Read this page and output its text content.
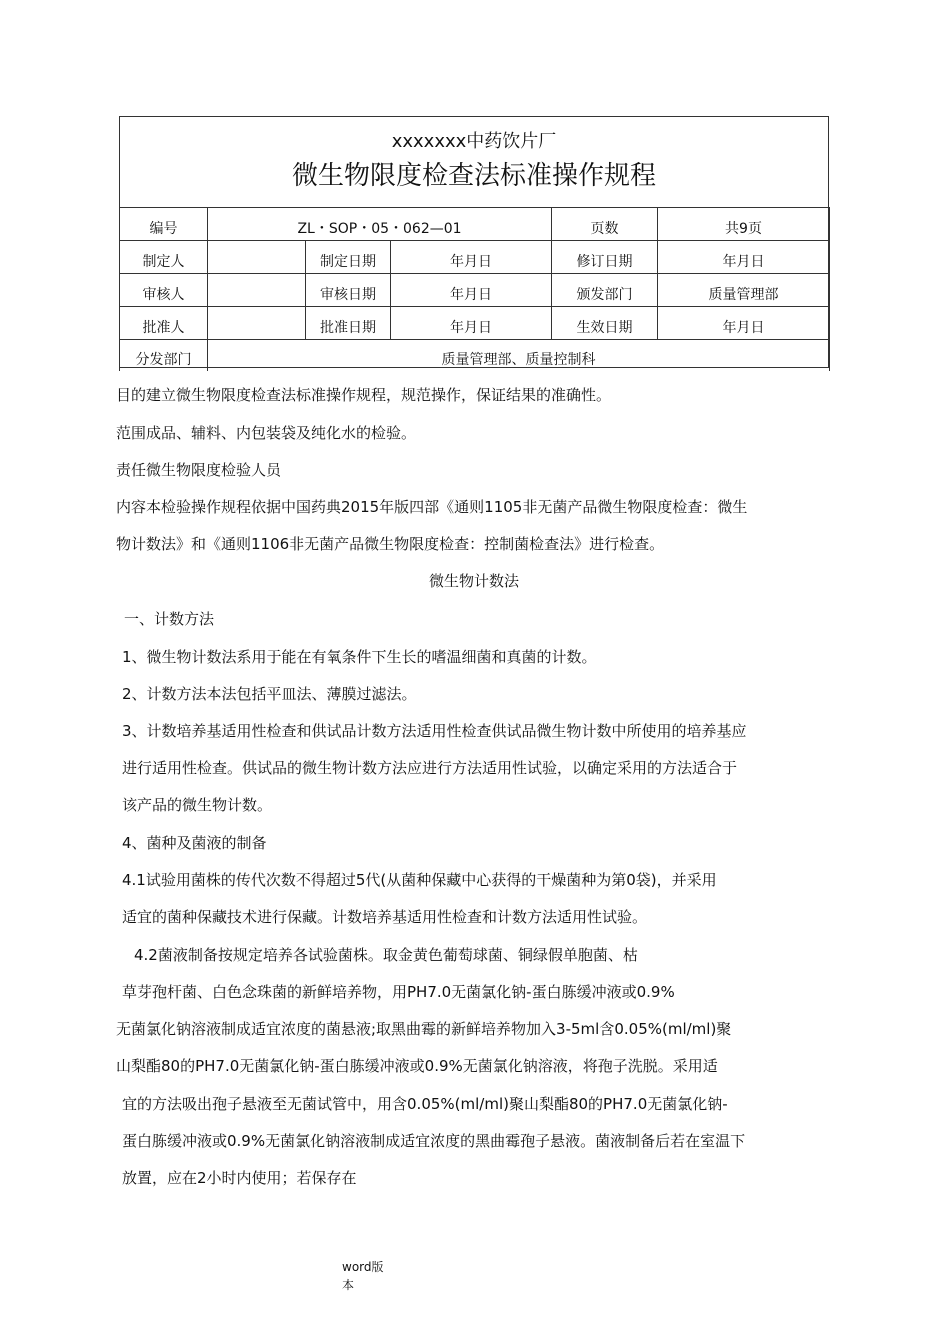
xxxxxxx中药饮片厂
微生物限度检查法标准操作规程
编号	ZL・SOP・05・062—01			页数	共9页
制定人		制定日期	年月日	修订日期	年月日
审核人		审核日期	年月日	颁发部门	质量管理部
批准人		批准日期	年月日	生效日期	年月日
分发部门	质量管理部、质量控制科				
目的建立微生物限度检查法标准操作规程，规范操作，保证结果的准确性。
范围成品、辅料、内包装袋及纯化水的检验。
责任微生物限度检验人员
内容本检验操作规程依据中国药典2015年版四部《通则1105非无菌产品微生物限度检查：微生
物计数法》和《通则1106非无菌产品微生物限度检查：控制菌检查法》进行检查。
微生物计数法
一、计数方法
1、微生物计数法系用于能在有氧条件下生长的嗜温细菌和真菌的计数。
2、计数方法本法包括平皿法、薄膜过滤法。
3、计数培养基适用性检查和供试品计数方法适用性检查供试品微生物计数中所使用的培养基应
进行适用性检查。供试品的微生物计数方法应进行方法适用性试验，以确定采用的方法适合于
该产品的微生物计数。
4、菌种及菌液的制备
4.1试验用菌株的传代次数不得超过5代(从菌种保藏中心获得的干燥菌种为第0袋)，并采用
适宜的菌种保藏技术进行保藏。计数培养基适用性检查和计数方法适用性试验。
4.2菌液制备按规定培养各试验菌株。取金黄色葡萄球菌、铜绿假单胞菌、枯
草芽孢杆菌、白色念珠菌的新鲜培养物，用PH7.0无菌氯化钠-蛋白胨缓冲液或0.9%
无菌氯化钠溶液制成适宜浓度的菌悬液;取黑曲霉的新鲜培养物加入3-5ml含0.05%(ml/ml)聚
山梨酯80的PH7.0无菌氯化钠-蛋白胨缓冲液或0.9%无菌氯化钠溶液，将孢子洗脱。采用适
宜的方法吸出孢子悬液至无菌试管中，用含0.05%(ml/ml)聚山梨酯80的PH7.0无菌氯化钠-
蛋白胨缓冲液或0.9%无菌氯化钠溶液制成适宜浓度的黑曲霉孢子悬液。菌液制备后若在室温下
放置，应在2小时内使用；若保存在
word版
本
